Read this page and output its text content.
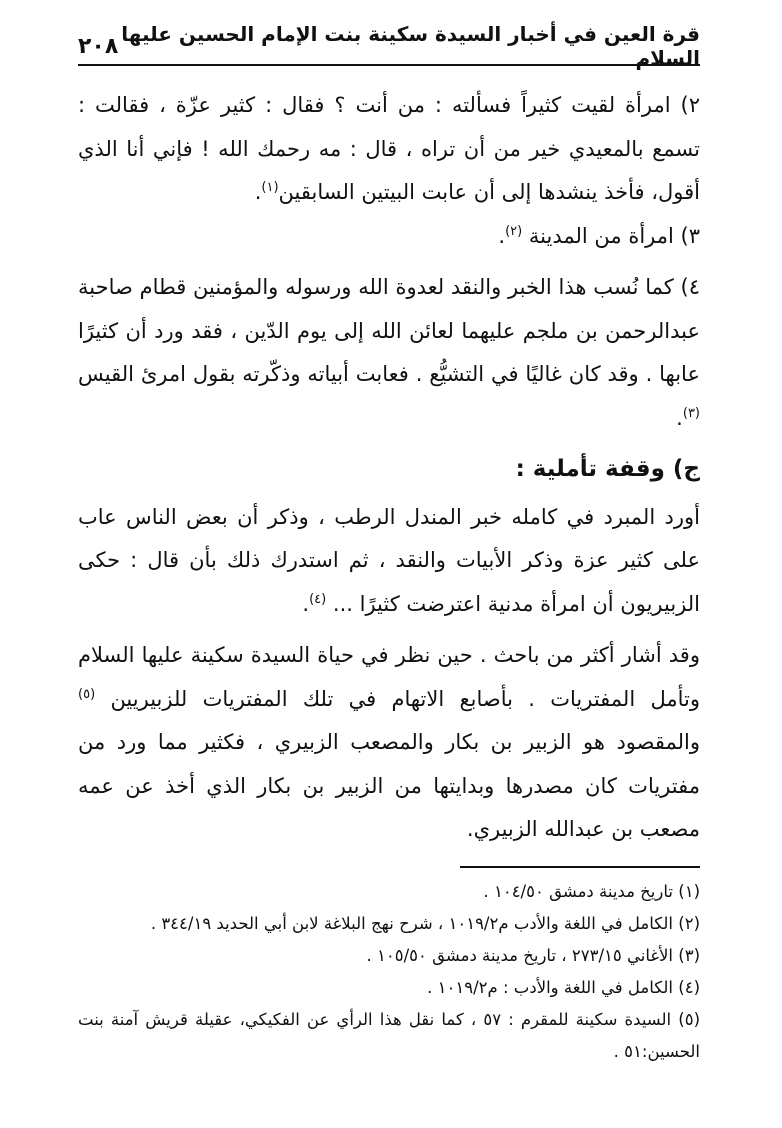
قرة العين في أخبار السيدة سكينة بنت الإمام الحسين عليها السلام
٢٠٨

٢) امرأة لقيت كثيراً فسألته : من أنت ؟ فقال : كثير عزّة ، فقالت : تسمع بالمعيدي خير من أن تراه ، قال : مه رحمك الله ! فإني أنا الذي أقول، فأخذ ينشدها إلى أن عابت البيتين السابقين$^{(١)}$.

٣) امرأة من المدينة $^{(٢)}$.

٤) كما نُسب هذا الخبر والنقد لعدوة الله ورسوله والمؤمنين قطام صاحبة عبدالرحمن بن ملجم عليهما لعائن الله إلى يوم الدّين ، فقد ورد أن كثيرًا عابها . وقد كان غاليًا في التشيُّع . فعابت أبياته وذكّرته بقول امرئ القيس $^{(٣)}$.

ج) وقفة تأملية :

أورد المبرد في كامله خبر المندل الرطب ، وذكر أن بعض الناس عاب على كثير عزة وذكر الأبيات والنقد ، ثم استدرك ذلك بأن قال : حكى الزبيريون أن امرأة مدنية اعترضت كثيرًا ... $^{(٤)}$.

وقد أشار أكثر من باحث . حين نظر في حياة السيدة سكينة عليها السلام وتأمل المفتريات . بأصابع الاتهام في تلك المفتريات للزبيريين $^{(٥)}$ والمقصود هو الزبير بن بكار والمصعب الزبيري ، فكثير مما ورد من مفتريات كان مصدرها وبدايتها من الزبير بن بكار الذي أخذ عن عمه مصعب بن عبدالله الزبيري.

(١) تاريخ مدينة دمشق ١٠٤/٥٠ .

(٢) الكامل في اللغة والأدب م١٠١٩/٢ ، شرح نهج البلاغة لابن أبي الحديد ٣٤٤/١٩ .

(٣) الأغاني ٢٧٣/١٥ ، تاريخ مدينة دمشق ١٠٥/٥٠ .

(٤) الكامل في اللغة والأدب : م١٠١٩/٢ .

(٥) السيدة سكينة للمقرم : ٥٧ ، كما نقل هذا الرأي عن الفكيكي، عقيلة قريش آمنة بنت الحسين:٥١ .
